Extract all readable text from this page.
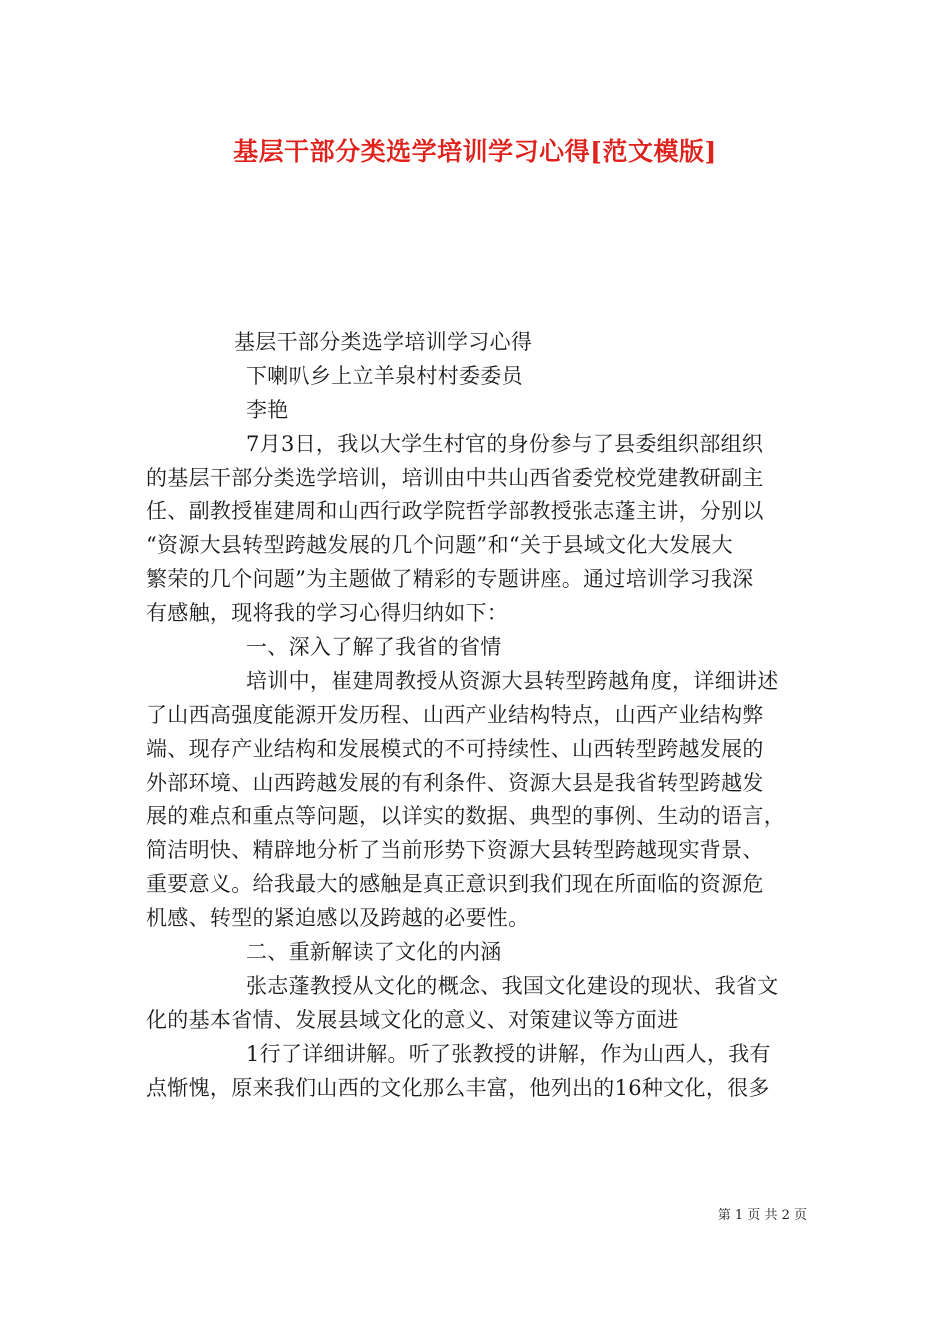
基层干部分类选学培训学习心得[范文模版]
基层干部分类选学培训学习心得
下喇叭乡上立羊泉村村委委员
李艳
7月3日，我以大学生村官的身份参与了县委组织部组织
的基层干部分类选学培训，培训由中共山西省委党校党建教研副主
任、副教授崔建周和山西行政学院哲学部教授张志蓬主讲，分别以
“资源大县转型跨越发展的几个问题”和“关于县域文化大发展大
繁荣的几个问题”为主题做了精彩的专题讲座。通过培训学习我深
有感触，现将我的学习心得归纳如下：
一、深入了解了我省的省情
培训中，崔建周教授从资源大县转型跨越角度，详细讲述
了山西高强度能源开发历程、山西产业结构特点，山西产业结构弊
端、现存产业结构和发展模式的不可持续性、山西转型跨越发展的
外部环境、山西跨越发展的有利条件、资源大县是我省转型跨越发
展的难点和重点等问题，以详实的数据、典型的事例、生动的语言，
简洁明快、精辟地分析了当前形势下资源大县转型跨越现实背景、
重要意义。给我最大的感触是真正意识到我们现在所面临的资源危
机感、转型的紧迫感以及跨越的必要性。
二、重新解读了文化的内涵
张志蓬教授从文化的概念、我国文化建设的现状、我省文
化的基本省情、发展县域文化的意义、对策建议等方面进
1行了详细讲解。听了张教授的讲解，作为山西人，我有
点惭愧，原来我们山西的文化那么丰富，他列出的16种文化，很多
第 1 页 共 2 页
